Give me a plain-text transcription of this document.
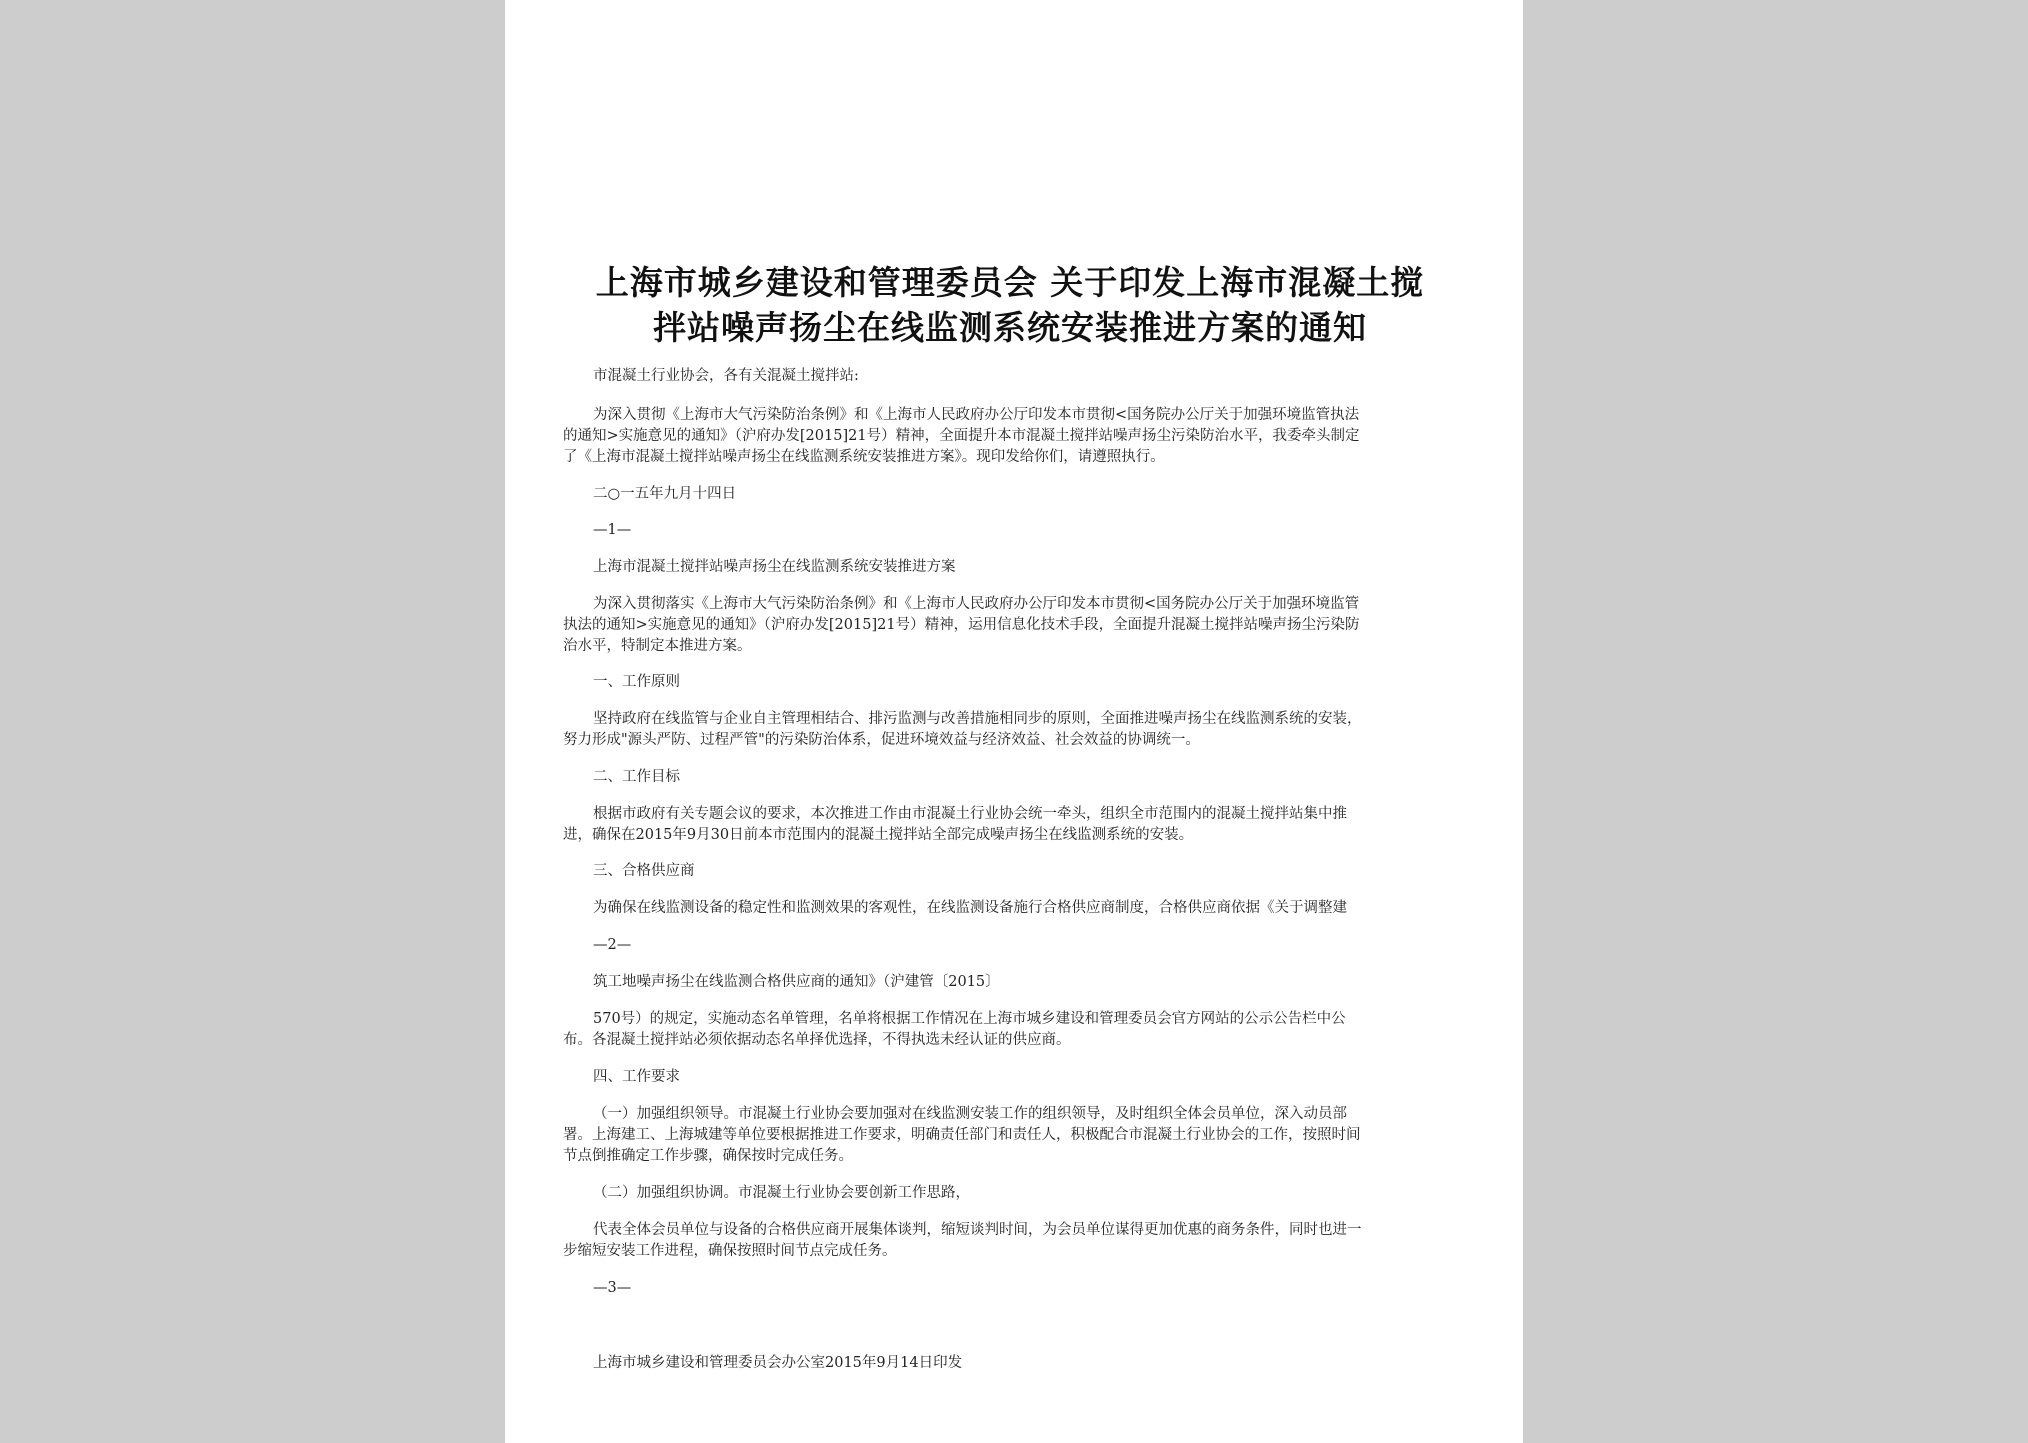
上海市城乡建设和管理委员会 关于印发上海市混凝土搅
拌站噪声扬尘在线监测系统安装推进方案的通知
市混凝土行业协会，各有关混凝土搅拌站:
为深入贯彻《上海市大气污染防治条例》和《上海市人民政府办公厅印发本市贯彻<国务院办公厅关于加强环境监管执法
的通知>实施意见的通知》（沪府办发[2015]21号）精神，全面提升本市混凝土搅拌站噪声扬尘污染防治水平，我委牵头制定
了《上海市混凝土搅拌站噪声扬尘在线监测系统安装推进方案》。现印发给你们，请遵照执行。
二○一五年九月十四日
—1—
上海市混凝土搅拌站噪声扬尘在线监测系统安装推进方案
为深入贯彻落实《上海市大气污染防治条例》和《上海市人民政府办公厅印发本市贯彻<国务院办公厅关于加强环境监管
执法的通知>实施意见的通知》（沪府办发[2015]21号）精神，运用信息化技术手段，全面提升混凝土搅拌站噪声扬尘污染防
治水平，特制定本推进方案。
一、工作原则
坚持政府在线监管与企业自主管理相结合、排污监测与改善措施相同步的原则，全面推进噪声扬尘在线监测系统的安装，
努力形成"源头严防、过程严管"的污染防治体系，促进环境效益与经济效益、社会效益的协调统一。
二、工作目标
根据市政府有关专题会议的要求，本次推进工作由市混凝土行业协会统一牵头，组织全市范围内的混凝土搅拌站集中推
进，确保在2015年9月30日前本市范围内的混凝土搅拌站全部完成噪声扬尘在线监测系统的安装。
三、合格供应商
为确保在线监测设备的稳定性和监测效果的客观性，在线监测设备施行合格供应商制度，合格供应商依据《关于调整建
—2—
筑工地噪声扬尘在线监测合格供应商的通知》（沪建管〔2015〕
570号）的规定，实施动态名单管理，名单将根据工作情况在上海市城乡建设和管理委员会官方网站的公示公告栏中公
布。各混凝土搅拌站必须依据动态名单择优选择，不得执选未经认证的供应商。
四、工作要求
（一）加强组织领导。市混凝土行业协会要加强对在线监测安装工作的组织领导，及时组织全体会员单位，深入动员部
署。上海建工、上海城建等单位要根据推进工作要求，明确责任部门和责任人，积极配合市混凝土行业协会的工作，按照时间
节点倒推确定工作步骤，确保按时完成任务。
（二）加强组织协调。市混凝土行业协会要创新工作思路，
代表全体会员单位与设备的合格供应商开展集体谈判，缩短谈判时间，为会员单位谋得更加优惠的商务条件，同时也进一
步缩短安装工作进程，确保按照时间节点完成任务。
—3—
上海市城乡建设和管理委员会办公室2015年9月14日印发
